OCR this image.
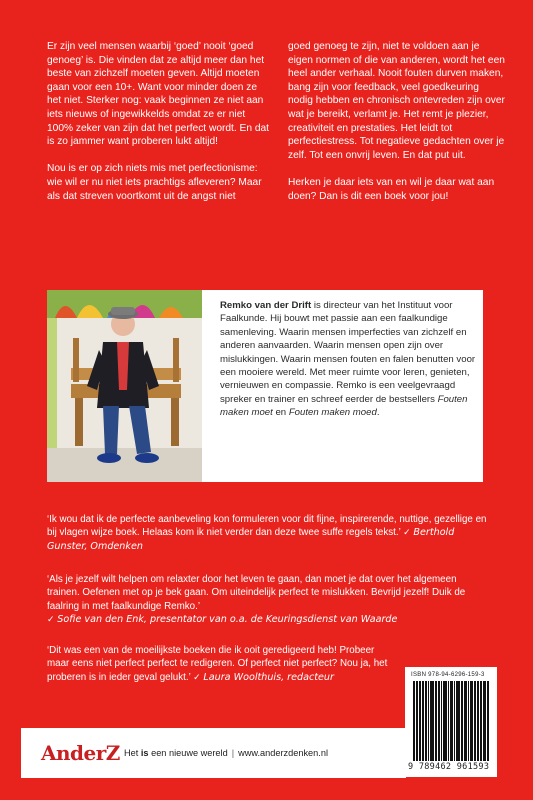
Er zijn veel mensen waarbij ‘goed’ nooit ‘goed genoeg’ is. Die vinden dat ze altijd meer dan het beste van zichzelf moeten geven. Altijd moeten gaan voor een 10+. Want voor minder doen ze het niet. Sterker nog: vaak beginnen ze niet aan iets nieuws of ingewikkelds omdat ze er niet 100% zeker van zijn dat het perfect wordt. En dat is zo jammer want proberen lukt altijd!

Nou is er op zich niets mis met perfectionisme: wie wil er nu niet iets prachtigs afleveren? Maar als dat streven voortkomt uit de angst niet

goed genoeg te zijn, niet te voldoen aan je eigen normen of die van anderen, wordt het een heel ander verhaal. Nooit fouten durven maken, bang zijn voor feedback, veel goedkeuring nodig hebben en chronisch ontevreden zijn over wat je bereikt, verlamt je. Het remt je plezier, creativiteit en prestaties. Het leidt tot perfectiestress. Tot negatieve gedachten over je zelf. Tot een onvrij leven. En dat put uit.

Herken je daar iets van en wil je daar wat aan doen? Dan is dit een boek voor jou!

Remko van der Drift is directeur van het Instituut voor Faalkunde. Hij bouwt met passie aan een faalkundige samenleving. Waarin mensen imperfecties van zichzelf en anderen aanvaarden. Waarin mensen open zijn over mislukkingen. Waarin mensen fouten en falen benutten voor een mooiere wereld. Met meer ruimte voor leren, genieten, vernieuwen en compassie. Remko is een veelgevraagd spreker en trainer en schreef eerder de bestsellers Fouten maken moet en Fouten maken moed.
‘Ik wou dat ik de perfecte aanbeveling kon formuleren voor dit fijne, inspirerende, nuttige, gezellige en bij vlagen wijze boek. Helaas kom ik niet verder dan deze twee suffe regels tekst.’ ✓ Berthold Gunster, Omdenken
‘Als je jezelf wilt helpen om relaxter door het leven te gaan, dan moet je dat over het algemeen trainen. Oefenen met op je bek gaan. Om uiteindelijk perfect te mislukken. Bevrijd jezelf! Duik de faalring in met faalkundige Remko.’
✓ Sofie van den Enk, presentator van o.a. de Keuringsdienst van Waarde
‘Dit was een van de moeilijkste boeken die ik ooit geredigeerd heb! Probeer maar eens niet perfect perfect te redigeren. Of perfect niet perfect? Nou ja, het proberen is in ieder geval gelukt.’ ✓ Laura Woolthuis, redacteur	ISBN 978-94-6296-159-3
9 789462 961593
AnderZ Het is een nieuwe wereld | www.anderzdenken.nl
